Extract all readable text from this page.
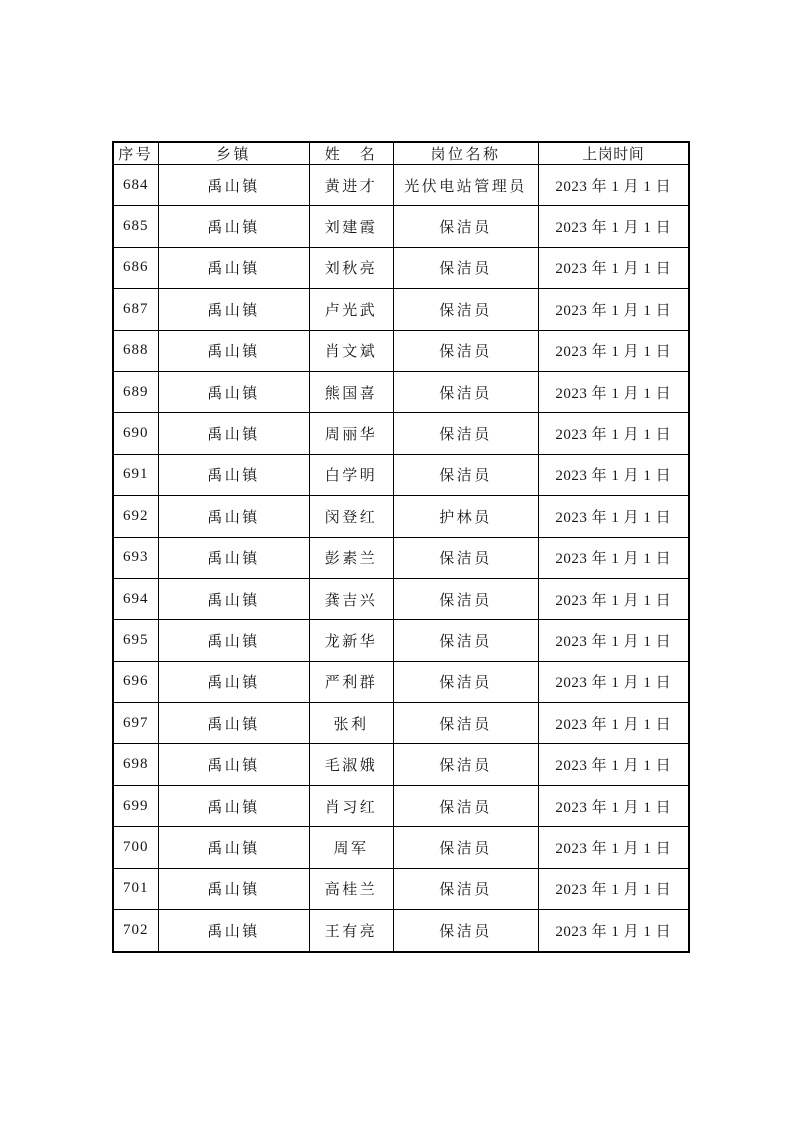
序号	乡镇	姓　名	岗位名称	上岗时间
684	禹山镇	黄进才	光伏电站管理员	2023 年 1 月 1 日
685	禹山镇	刘建霞	保洁员	2023 年 1 月 1 日
686	禹山镇	刘秋亮	保洁员	2023 年 1 月 1 日
687	禹山镇	卢光武	保洁员	2023 年 1 月 1 日
688	禹山镇	肖文斌	保洁员	2023 年 1 月 1 日
689	禹山镇	熊国喜	保洁员	2023 年 1 月 1 日
690	禹山镇	周丽华	保洁员	2023 年 1 月 1 日
691	禹山镇	白学明	保洁员	2023 年 1 月 1 日
692	禹山镇	闵登红	护林员	2023 年 1 月 1 日
693	禹山镇	彭素兰	保洁员	2023 年 1 月 1 日
694	禹山镇	龚吉兴	保洁员	2023 年 1 月 1 日
695	禹山镇	龙新华	保洁员	2023 年 1 月 1 日
696	禹山镇	严利群	保洁员	2023 年 1 月 1 日
697	禹山镇	张利	保洁员	2023 年 1 月 1 日
698	禹山镇	毛淑娥	保洁员	2023 年 1 月 1 日
699	禹山镇	肖习红	保洁员	2023 年 1 月 1 日
700	禹山镇	周军	保洁员	2023 年 1 月 1 日
701	禹山镇	高桂兰	保洁员	2023 年 1 月 1 日
702	禹山镇	王有亮	保洁员	2023 年 1 月 1 日
